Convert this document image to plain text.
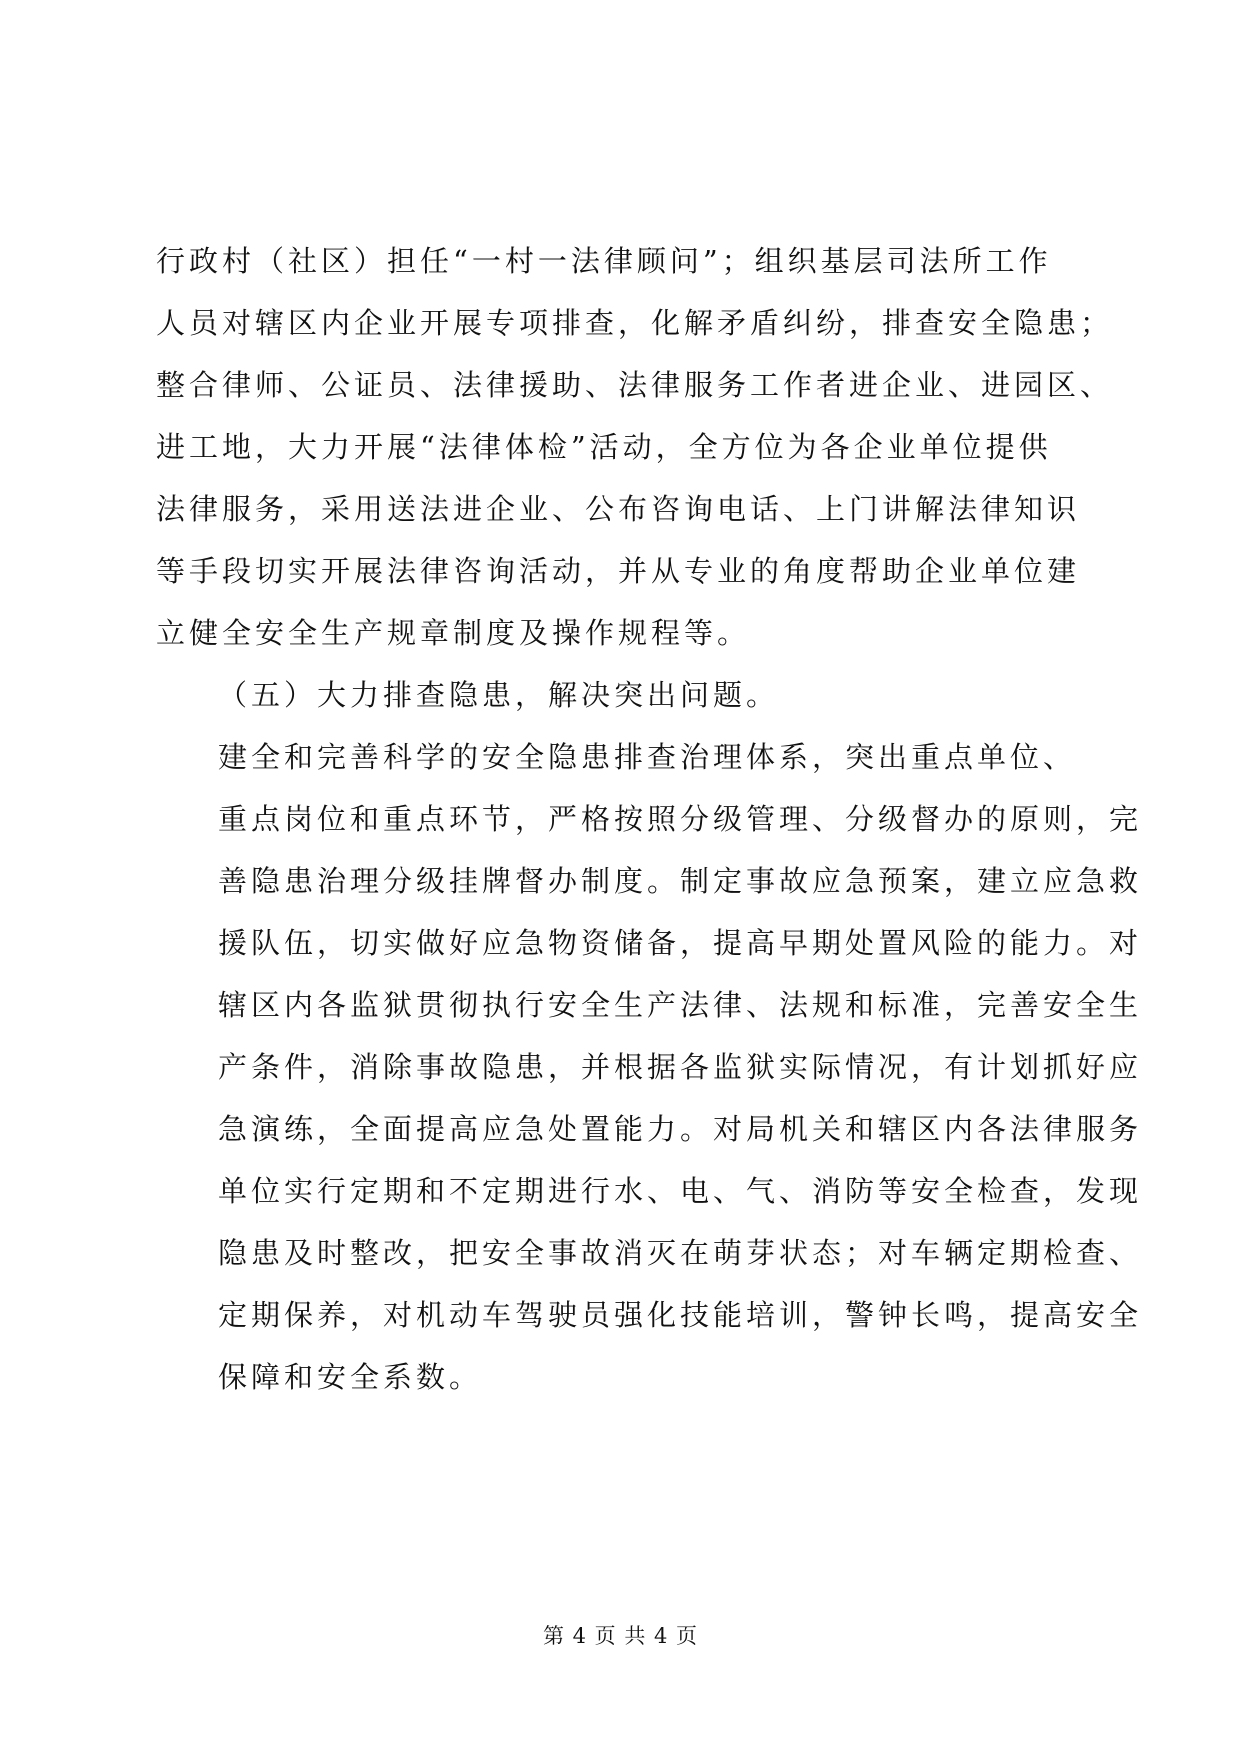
行政村（社区）担任“一村一法律顾问”；组织基层司法所工作
人员对辖区内企业开展专项排查，化解矛盾纠纷，排查安全隐患；
整合律师、公证员、法律援助、法律服务工作者进企业、进园区、
进工地，大力开展“法律体检”活动，全方位为各企业单位提供
法律服务，采用送法进企业、公布咨询电话、上门讲解法律知识
等手段切实开展法律咨询活动，并从专业的角度帮助企业单位建
立健全安全生产规章制度及操作规程等。

（五）大力排查隐患，解决突出问题。

建全和完善科学的安全隐患排查治理体系，突出重点单位、
重点岗位和重点环节，严格按照分级管理、分级督办的原则，完
善隐患治理分级挂牌督办制度。制定事故应急预案，建立应急救
援队伍，切实做好应急物资储备，提高早期处置风险的能力。对
辖区内各监狱贯彻执行安全生产法律、法规和标准，完善安全生
产条件，消除事故隐患，并根据各监狱实际情况，有计划抓好应
急演练，全面提高应急处置能力。对局机关和辖区内各法律服务
单位实行定期和不定期进行水、电、气、消防等安全检查，发现
隐患及时整改，把安全事故消灭在萌芽状态；对车辆定期检查、
定期保养，对机动车驾驶员强化技能培训，警钟长鸣，提高安全
保障和安全系数。

第 4 页 共 4 页
